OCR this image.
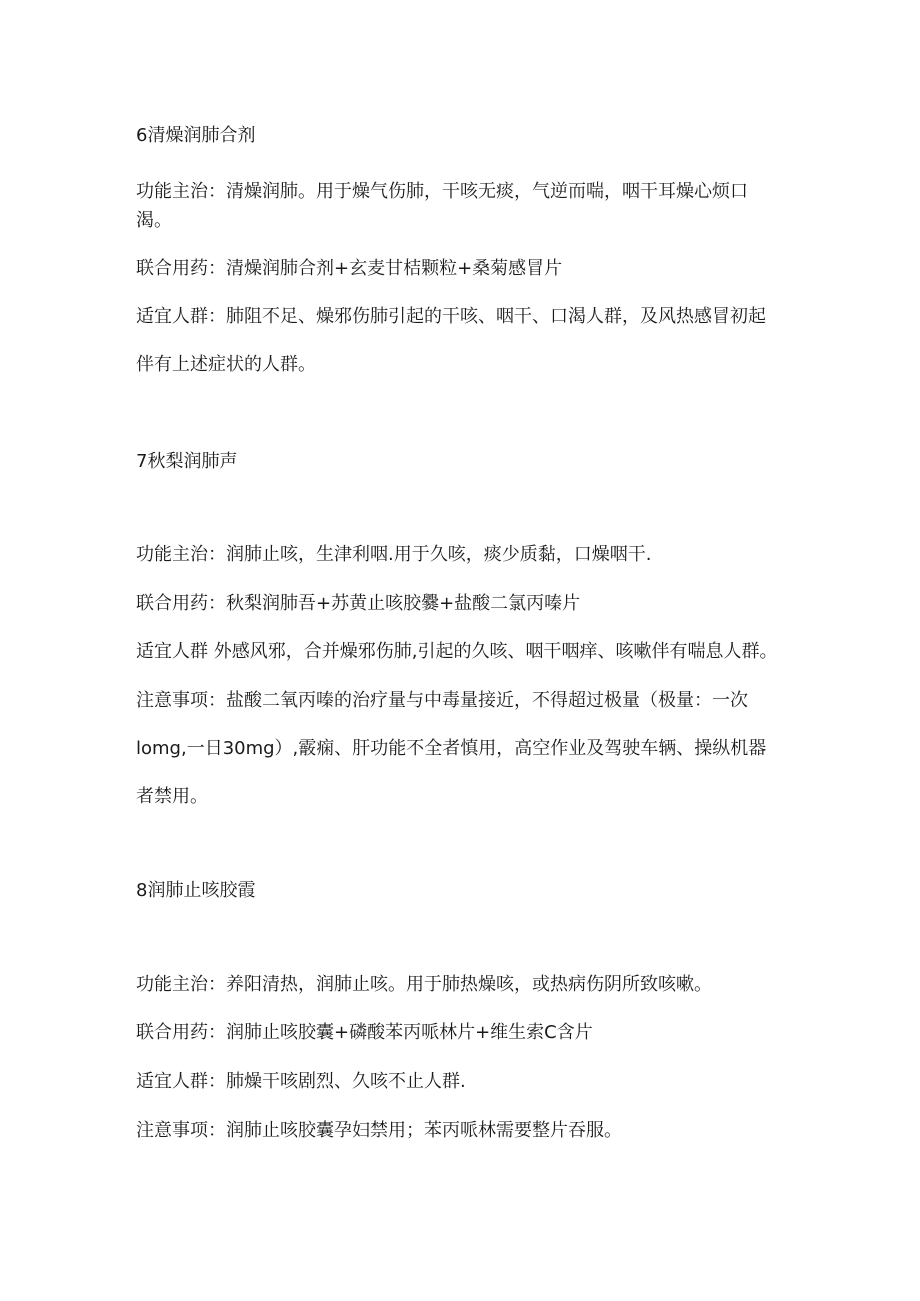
6清燥润肺合剂
功能主治：清燥润肺。用于燥气伤肺，干咳无痰，气逆而喘，咽干耳燥心烦口
渴。
联合用药：清燥润肺合剂+玄麦甘桔颗粒+桑菊感冒片
适宜人群：肺阻不足、燥邪伤肺引起的干咳、咽干、口渴人群，及风热感冒初起
伴有上述症状的人群。
7秋梨润肺声
功能主治：润肺止咳，生津利咽.用于久咳，痰少质黏，口燥咽干.
联合用药：秋梨润肺吾+苏黄止咳胶爨+盐酸二氯丙嗪片
适宜人群 外感风邪，合并燥邪伤肺,引起的久咳、咽干咽痒、咳嗽伴有喘息人群。
注意事项：盐酸二氧丙嗪的治疗量与中毒量接近，不得超过极量（极量：一次
lomg,一日30mg）,霰痫、肝功能不全者慎用，高空作业及驾驶车辆、操纵机器
者禁用。
8润肺止咳胶霞
功能主治：养阳清热，润肺止咳。用于肺热燥咳，或热病伤阴所致咳嗽。
联合用药：润肺止咳胶囊+磷酸苯丙哌林片+维生索C含片
适宜人群：肺燥干咳剧烈、久咳不止人群.
注意事项：润肺止咳胶囊孕妇禁用；苯丙哌林需要整片吞服。
